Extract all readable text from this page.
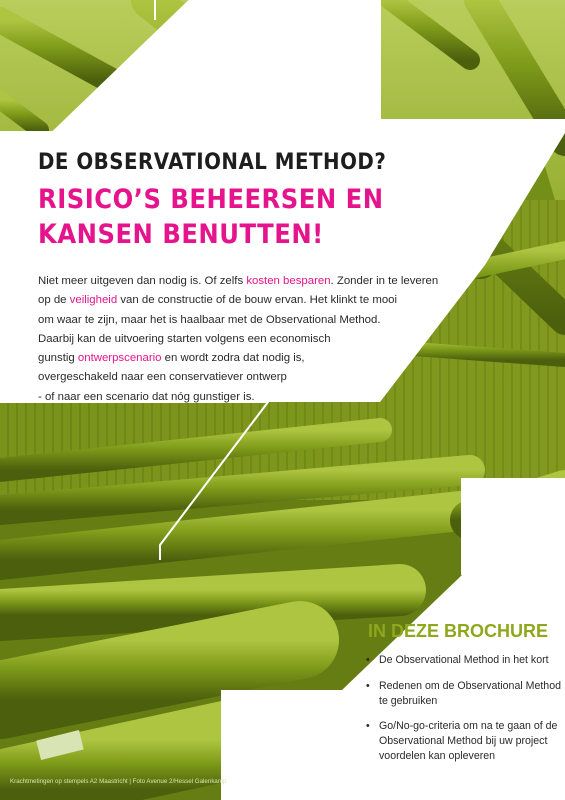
DE OBSERVATIONAL METHOD?
RISICO’S BEHEERSEN EN
KANSEN BENUTTEN!

Niet meer uitgeven dan nodig is. Of zelfs kosten besparen. Zonder in te leveren
op de veiligheid van de constructie of de bouw ervan. Het klinkt te mooi
om waar te zijn, maar het is haalbaar met de Observational Method.
Daarbij kan de uitvoering starten volgens een economisch
gunstig ontwerpscenario en wordt zodra dat nodig is,
overgeschakeld naar een conservatiever ontwerp
- of naar een scenario dat nóg gunstiger is.

IN DEZE BROCHURE
• De Observational Method in het kort
• Redenen om de Observational Method te gebruiken
• Go/No-go-criteria om na te gaan of de Observational Method bij uw project voordelen kan opleveren
Krachtmetingen op stempels A2 Maastricht | Foto Avenue 2/Hessel Galenkamp
